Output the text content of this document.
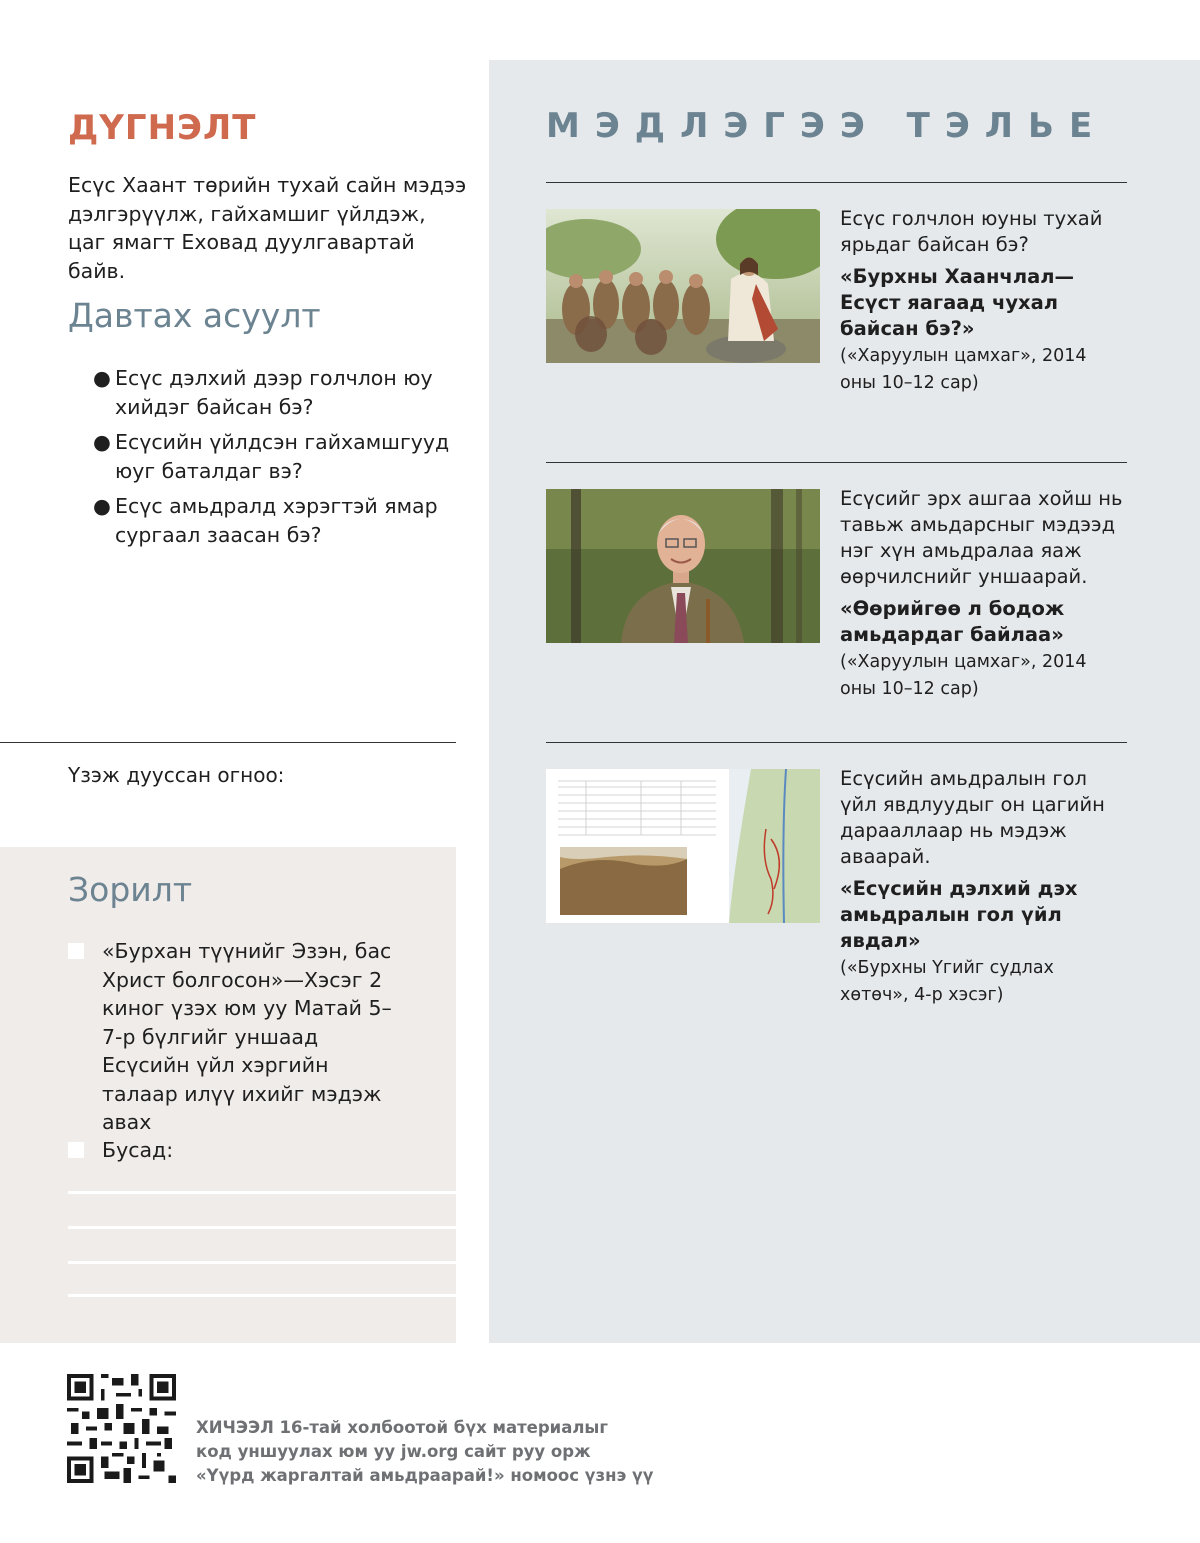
ДҮГНЭЛТ

Есүс Хаант төрийн тухай сайн мэдээ дэлгэрүүлж, гайхамшиг үйлдэж, цаг ямагт Еховад дуулгавартай байв.

Давтах асуулт
● Есүс дэлхий дээр голчлон юу хийдэг байсан бэ?
● Есүсийн үйлдсэн гайхамшгууд юуг баталдаг вэ?
● Есүс амьдралд хэрэгтэй ямар сургаал заасан бэ?

Үзэж дууссан огноо:

Зорилт
«Бурхан түүнийг Эзэн, бас Христ болгосон»—Хэсэг 2 киног үзэх юм уу Матай 5–7-р бүлгийг уншаад Есүсийн үйл хэргийн талаар илүү ихийг мэдэж авах
Бусад:
МЭДЛЭГЭЭ ТЭЛЬЕ

Есүс голчлон юуны тухай ярьдаг байсан бэ?

«Бурхны Хаанчлал—Есүст яагаад чухал байсан бэ?»
(«Харуулын цамхаг», 2014 оны 10–12 сар)

Есүсийг эрх ашгаа хойш нь тавьж амьдарсныг мэдээд нэг хүн амьдралаа яаж өөрчилснийг уншаарай.

«Өөрийгөө л бодож амьдардаг байлаа» («Харуулын цамхаг», 2014 оны 10–12 сар)

Есүсийн амьдралын гол үйл явдлуудыг он цагийн дарааллаар нь мэдэж аваарай.

«Есүсийн дэлхий дэх амьдралын гол үйл явдал»
(«Бурхны Үгийг судлах хөтөч», 4-р хэсэг)

ХИЧЭЭЛ 16-тай холбоотой бүх материалыг
код уншуулах юм уу jw.org сайт руу орж
«Үүрд жаргалтай амьдраарай!» номоос үзнэ үү
